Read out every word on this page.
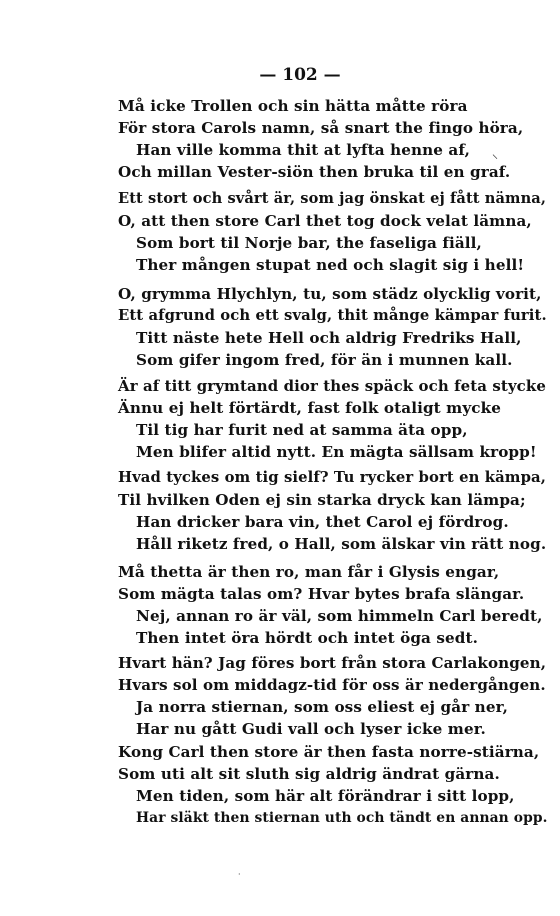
— 102 —
⸌
Må icke Trollen och sin hätta måtte röra
För stora Carols namn, så snart the fingo höra,
Han ville komma thit at lyfta henne af,
Och millan Vester-siön then bruka til en graf.
Ett stort och svårt är, som jag önskat ej fått nämna,
O, att then store Carl thet tog dock velat lämna,
Som bort til Norje bar, the faseliga fiäll,
Ther mången stupat ned och slagit sig i hell!
O, grymma Hlychlyn, tu, som städz olycklig vorit,
Ett afgrund och ett svalg, thit månge kämpar furit.
Titt näste hete Hell och aldrig Fredriks Hall,
Som gifer ingom fred, för än i munnen kall.
Är af titt grymtand dior thes späck och feta stycke
Ännu ej helt förtärdt, fast folk otaligt mycke
Til tig har furit ned at samma äta opp,
Men blifer altid nytt. En mägta sällsam kropp!
Hvad tyckes om tig sielf? Tu rycker bort en kämpa,
Til hvilken Oden ej sin starka dryck kan lämpa;
Han dricker bara vin, thet Carol ej fördrog.
Håll riketz fred, o Hall, som älskar vin rätt nog.
Må thetta är then ro, man får i Glysis engar,
Som mägta talas om? Hvar bytes brafa slängar.
Nej, annan ro är väl, som himmeln Carl beredt,
Then intet öra hördt och intet öga sedt.
Hvart hän? Jag föres bort från stora Carlakongen,
Hvars sol om middagz-tid för oss är nedergången.
Ja norra stiernan, som oss eliest ej går ner,
Har nu gått Gudi vall och lyser icke mer.
Kong Carl then store är then fasta norre-stiärna,
Som uti alt sit sluth sig aldrig ändrat gärna.
Men tiden, som här alt förändrar i sitt lopp,
Har släkt then stiernan uth och tändt en annan opp.
·
